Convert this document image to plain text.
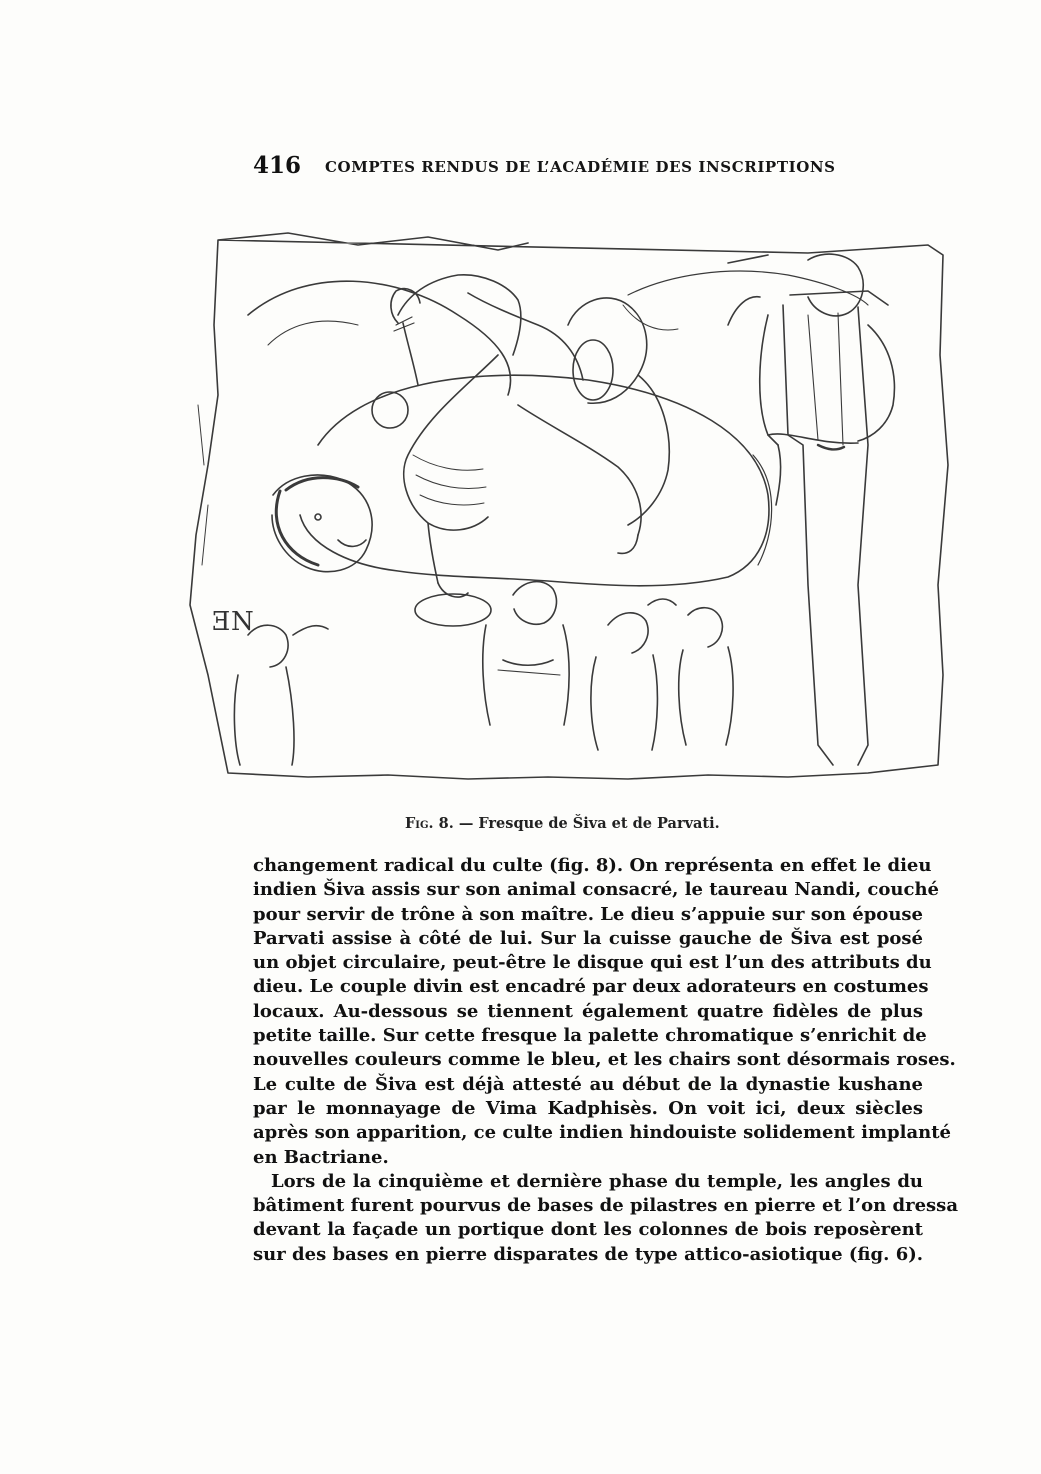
416 COMPTES RENDUS DE L’ACADÉMIE DES INSCRIPTIONS
ƎN
Fig. 8. — Fresque de Šiva et de Parvati.

changement radical du culte (fig. 8). On représenta en effet le dieu
indien Šiva assis sur son animal consacré, le taureau Nandi, couché
pour servir de trône à son maître. Le dieu s’appuie sur son épouse
Parvati assise à côté de lui. Sur la cuisse gauche de Šiva est posé
un objet circulaire, peut-être le disque qui est l’un des attributs du
dieu. Le couple divin est encadré par deux adorateurs en costumes
locaux. Au-dessous se tiennent également quatre fidèles de plus
petite taille. Sur cette fresque la palette chromatique s’enrichit de
nouvelles couleurs comme le bleu, et les chairs sont désormais roses.
Le culte de Šiva est déjà attesté au début de la dynastie kushane
par le monnayage de Vima Kadphisès. On voit ici, deux siècles
après son apparition, ce culte indien hindouiste solidement implanté
en Bactriane.

Lors de la cinquième et dernière phase du temple, les angles du
bâtiment furent pourvus de bases de pilastres en pierre et l’on dressa
devant la façade un portique dont les colonnes de bois reposèrent
sur des bases en pierre disparates de type attico-asiotique (fig. 6).
